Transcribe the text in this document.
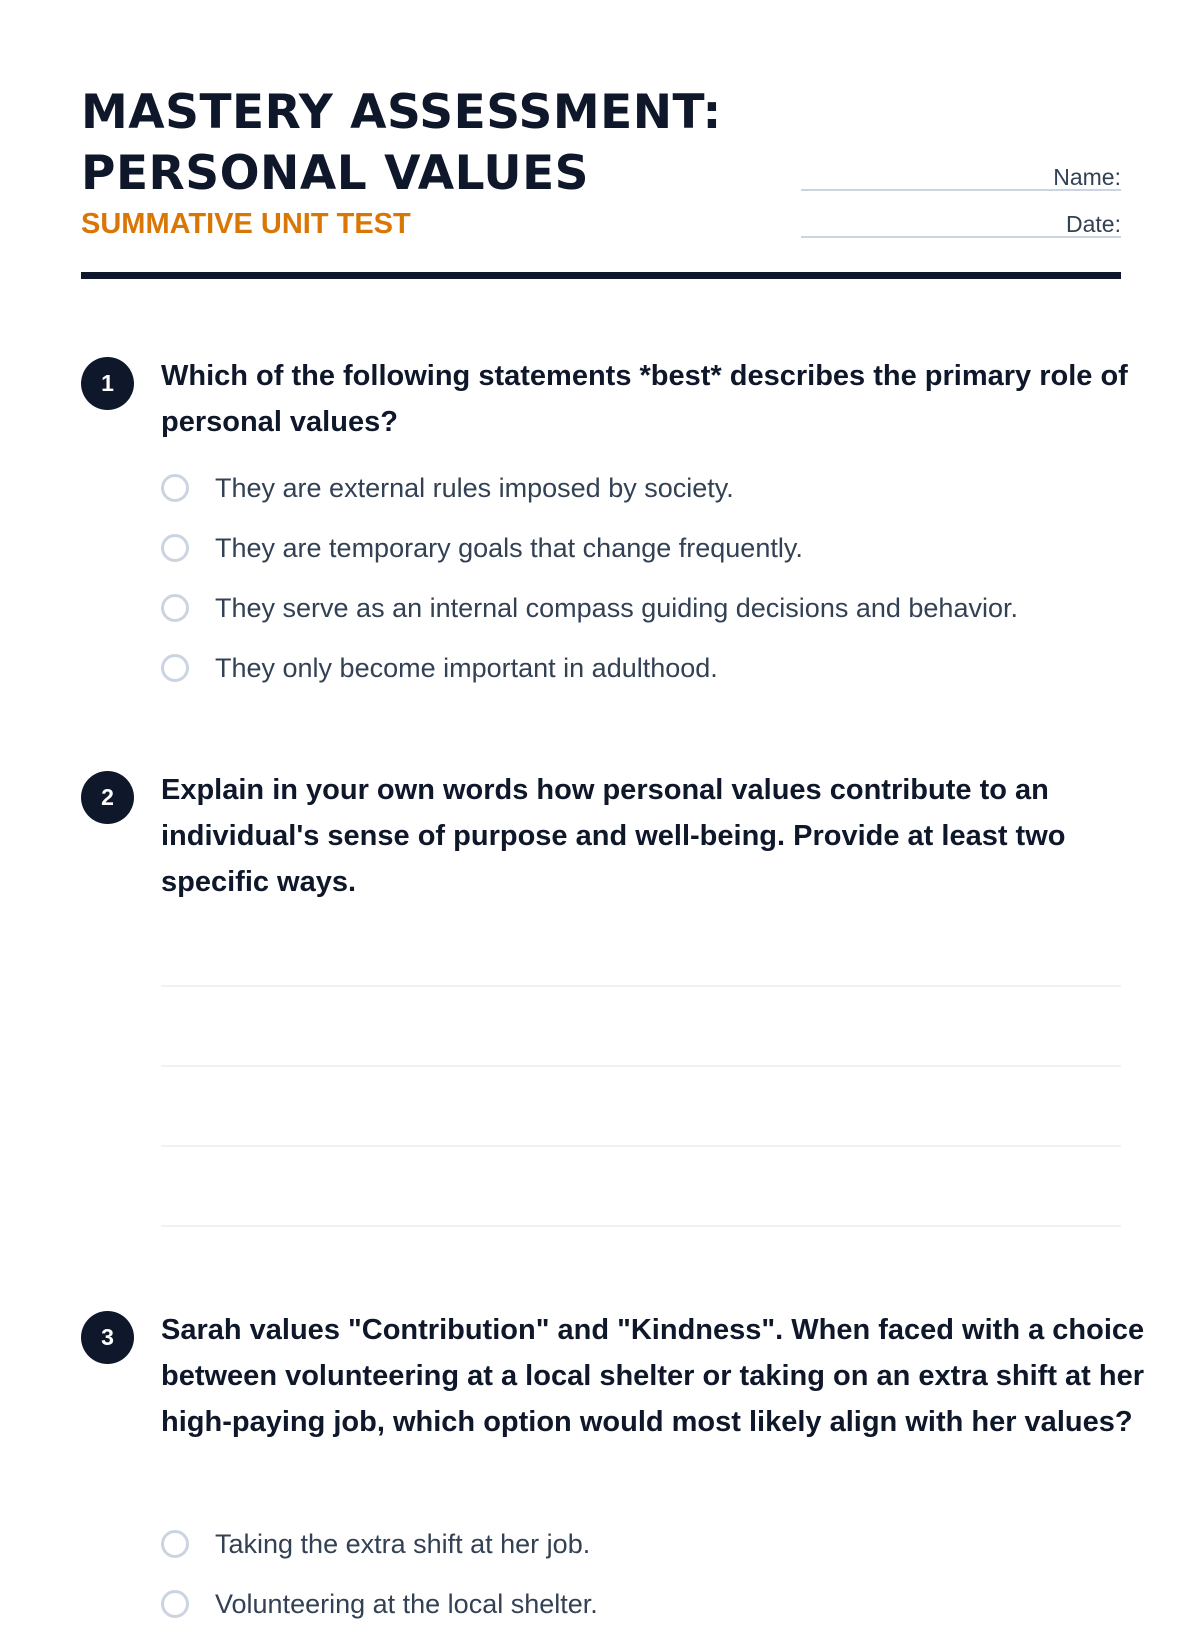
MASTERY ASSESSMENT:
PERSONAL VALUES
SUMMATIVE UNIT TEST
Name:
Date:
1	Which of the following statements *best* describes the primary role of personal values?
They are external rules imposed by society.
They are temporary goals that change frequently.
They serve as an internal compass guiding decisions and behavior.
They only become important in adulthood.
2	Explain in your own words how personal values contribute to an individual's sense of purpose and well-being. Provide at least two specific ways.
3	Sarah values "Contribution" and "Kindness". When faced with a choice between volunteering at a local shelter or taking on an extra shift at her high-paying job, which option would most likely align with her values?
Taking the extra shift at her job.
Volunteering at the local shelter.
